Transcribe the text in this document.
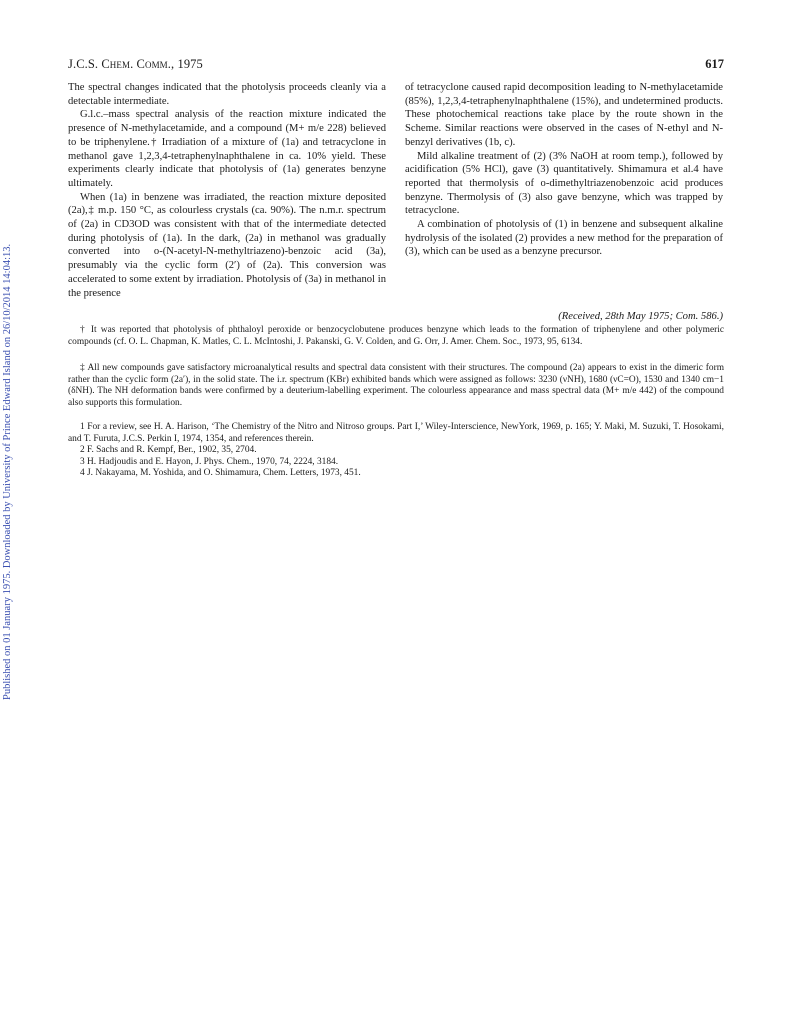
Published on 01 January 1975. Downloaded by University of Prince Edward Island on 26/10/2014 14:04:13.
J.C.S. Chem. Comm., 1975	617

The spectral changes indicated that the photolysis proceeds cleanly via a detectable intermediate.

G.l.c.–mass spectral analysis of the reaction mixture indicated the presence of N-methylacetamide, and a compound (M+ m/e 228) believed to be triphenylene.† Irradiation of a mixture of (1a) and tetracyclone in methanol gave 1,2,3,4-tetraphenylnaphthalene in ca. 10% yield. These experiments clearly indicate that photolysis of (1a) generates benzyne ultimately.

When (1a) in benzene was irradiated, the reaction mixture deposited (2a),‡ m.p. 150 °C, as colourless crystals (ca. 90%). The n.m.r. spectrum of (2a) in CD3OD was consistent with that of the intermediate detected during photolysis of (1a). In the dark, (2a) in methanol was gradually converted into o-(N-acetyl-N-methyltriazeno)-benzoic acid (3a), presumably via the cyclic form (2′) of (2a). This conversion was accelerated to some extent by irradiation. Photolysis of (3a) in methanol in the presence

of tetracyclone caused rapid decomposition leading to N-methylacetamide (85%), 1,2,3,4-tetraphenylnaphthalene (15%), and undetermined products. These photochemical reactions take place by the route shown in the Scheme. Similar reactions were observed in the cases of N-ethyl and N-benzyl derivatives (1b, c).

Mild alkaline treatment of (2) (3% NaOH at room temp.), followed by acidification (5% HCl), gave (3) quantitatively. Shimamura et al.4 have reported that thermolysis of o-dimethyltriazenobenzoic acid produces benzyne. Thermolysis of (3) also gave benzyne, which was trapped by tetracyclone.

A combination of photolysis of (1) in benzene and subsequent alkaline hydrolysis of the isolated (2) provides a new method for the preparation of (3), which can be used as a benzyne precursor.

(Received, 28th May 1975; Com. 586.)

† It was reported that photolysis of phthaloyl peroxide or benzocyclobutene produces benzyne which leads to the formation of triphenylene and other polymeric compounds (cf. O. L. Chapman, K. Matles, C. L. McIntoshi, J. Pakanski, G. V. Colden, and G. Orr, J. Amer. Chem. Soc., 1973, 95, 6134.

‡ All new compounds gave satisfactory microanalytical results and spectral data consistent with their structures. The compound (2a) appears to exist in the dimeric form rather than the cyclic form (2a′), in the solid state. The i.r. spectrum (KBr) exhibited bands which were assigned as follows: 3230 (νNH), 1680 (νC=O), 1530 and 1340 cm−1 (δNH). The NH deformation bands were confirmed by a deuterium-labelling experiment. The colourless appearance and mass spectral data (M+ m/e 442) of the compound also supports this formulation.

1 For a review, see H. A. Harison, ‘The Chemistry of the Nitro and Nitroso groups. Part I,’ Wiley-Interscience, NewYork, 1969, p. 165; Y. Maki, M. Suzuki, T. Hosokami, and T. Furuta, J.C.S. Perkin I, 1974, 1354, and references therein.

2 F. Sachs and R. Kempf, Ber., 1902, 35, 2704.

3 H. Hadjoudis and E. Hayon, J. Phys. Chem., 1970, 74, 2224, 3184.

4 J. Nakayama, M. Yoshida, and O. Shimamura, Chem. Letters, 1973, 451.
